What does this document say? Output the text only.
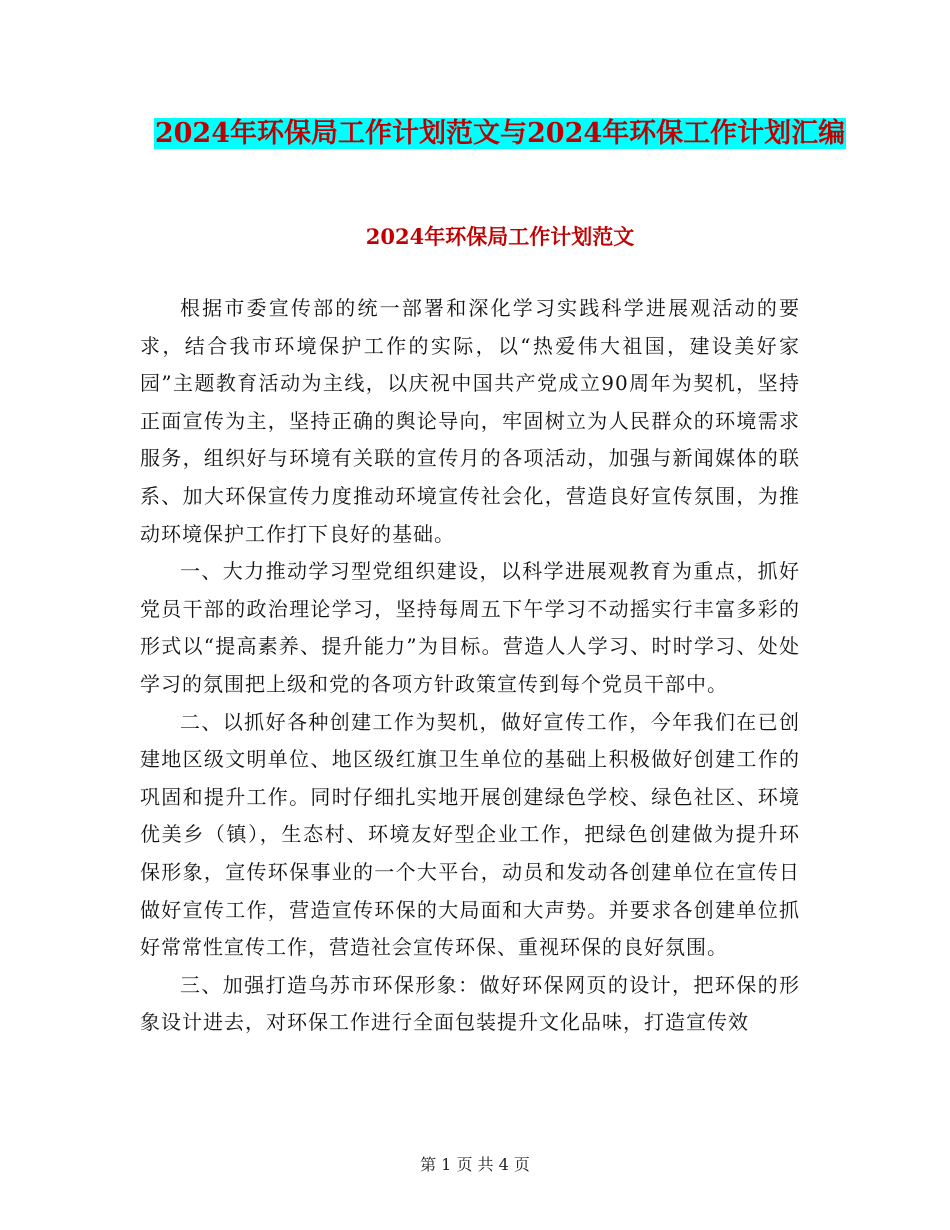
2024年环保局工作计划范文与2024年环保工作计划汇编
2024年环保局工作计划范文

根据市委宣传部的统一部署和深化学习实践科学进展观活动的要求，结合我市环境保护工作的实际，以“热爱伟大祖国，建设美好家园”主题教育活动为主线，以庆祝中国共产党成立90周年为契机，坚持正面宣传为主，坚持正确的舆论导向，牢固树立为人民群众的环境需求服务，组织好与环境有关联的宣传月的各项活动，加强与新闻媒体的联系、加大环保宣传力度推动环境宣传社会化，营造良好宣传氛围，为推动环境保护工作打下良好的基础。

一、大力推动学习型党组织建设，以科学进展观教育为重点，抓好党员干部的政治理论学习，坚持每周五下午学习不动摇实行丰富多彩的形式以“提高素养、提升能力”为目标。营造人人学习、时时学习、处处学习的氛围把上级和党的各项方针政策宣传到每个党员干部中。

二、以抓好各种创建工作为契机，做好宣传工作，今年我们在已创建地区级文明单位、地区级红旗卫生单位的基础上积极做好创建工作的巩固和提升工作。同时仔细扎实地开展创建绿色学校、绿色社区、环境优美乡（镇），生态村、环境友好型企业工作，把绿色创建做为提升环保形象，宣传环保事业的一个大平台，动员和发动各创建单位在宣传日做好宣传工作，营造宣传环保的大局面和大声势。并要求各创建单位抓好常常性宣传工作，营造社会宣传环保、重视环保的良好氛围。

三、加强打造乌苏市环保形象：做好环保网页的设计，把环保的形象设计进去，对环保工作进行全面包装提升文化品味，打造宣传效

第 1 页 共 4 页
